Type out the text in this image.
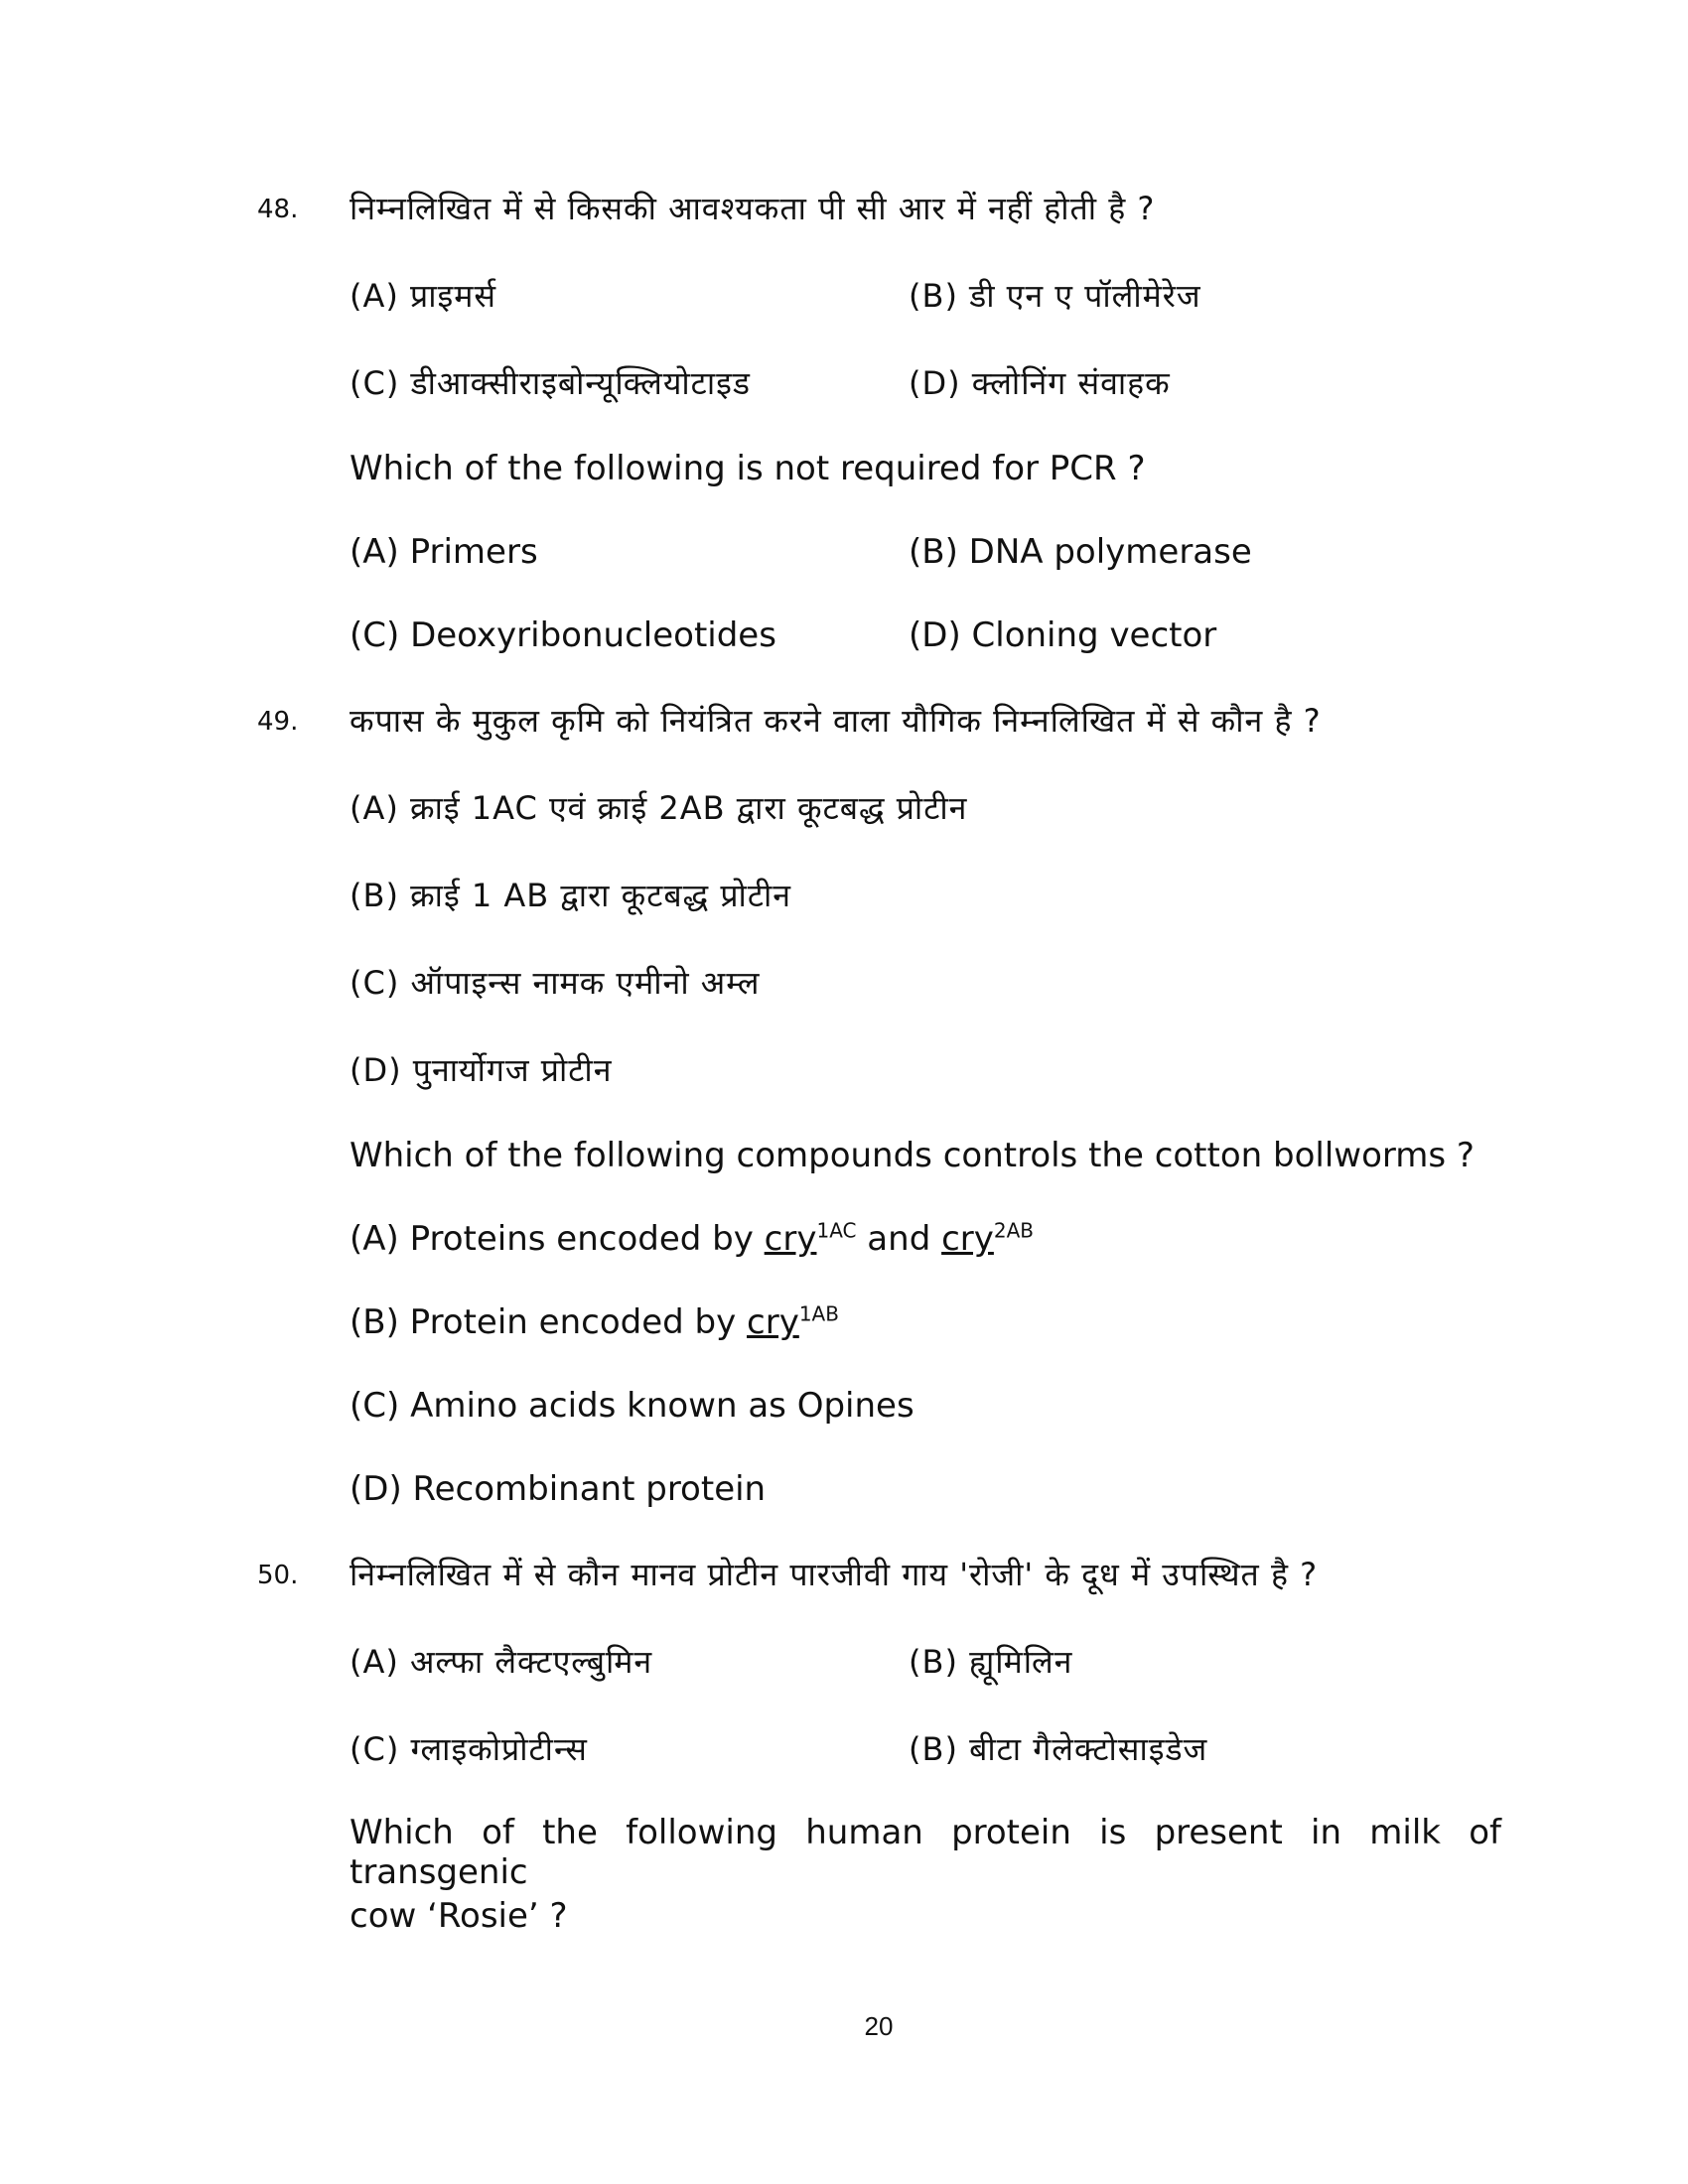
48. निम्नलिखित में से किसकी आवश्यकता पी सी आर में नहीं होती है ?
(A) प्राइमर्स	(B) डी एन ए पॉलीमेरेज
(C) डीआक्सीराइबोन्यूक्लियोटाइड	(D) क्लोनिंग संवाहक
Which of the following is not required for PCR ?
(A) Primers	(B) DNA polymerase
(C) Deoxyribonucleotides	(D) Cloning vector
49. कपास के मुकुल कृमि को नियंत्रित करने वाला यौगिक निम्नलिखित में से कौन है ?
(A) क्राई 1AC एवं क्राई 2AB द्वारा कूटबद्ध प्रोटीन
(B) क्राई 1 AB द्वारा कूटबद्ध प्रोटीन
(C) ऑपाइन्स नामक एमीनो अम्ल
(D) पुनार्योगज प्रोटीन
Which of the following compounds controls the cotton bollworms ?
(A) Proteins encoded by cry$^{1AC}$ and cry$^{2AB}$
(B) Protein encoded by cry$^{1AB}$
(C) Amino acids known as Opines
(D) Recombinant protein
50. निम्नलिखित में से कौन मानव प्रोटीन पारजीवी गाय 'रोजी' के दूध में उपस्थित है ?
(A) अल्फा लैक्टएल्बुमिन	(B) ह्यूमिलिन
(C) ग्लाइकोप्रोटीन्स	(B) बीटा गैलेक्टोसाइडेज
Which of the following human protein is present in milk of transgenic
cow ‘Rosie’ ?
20
